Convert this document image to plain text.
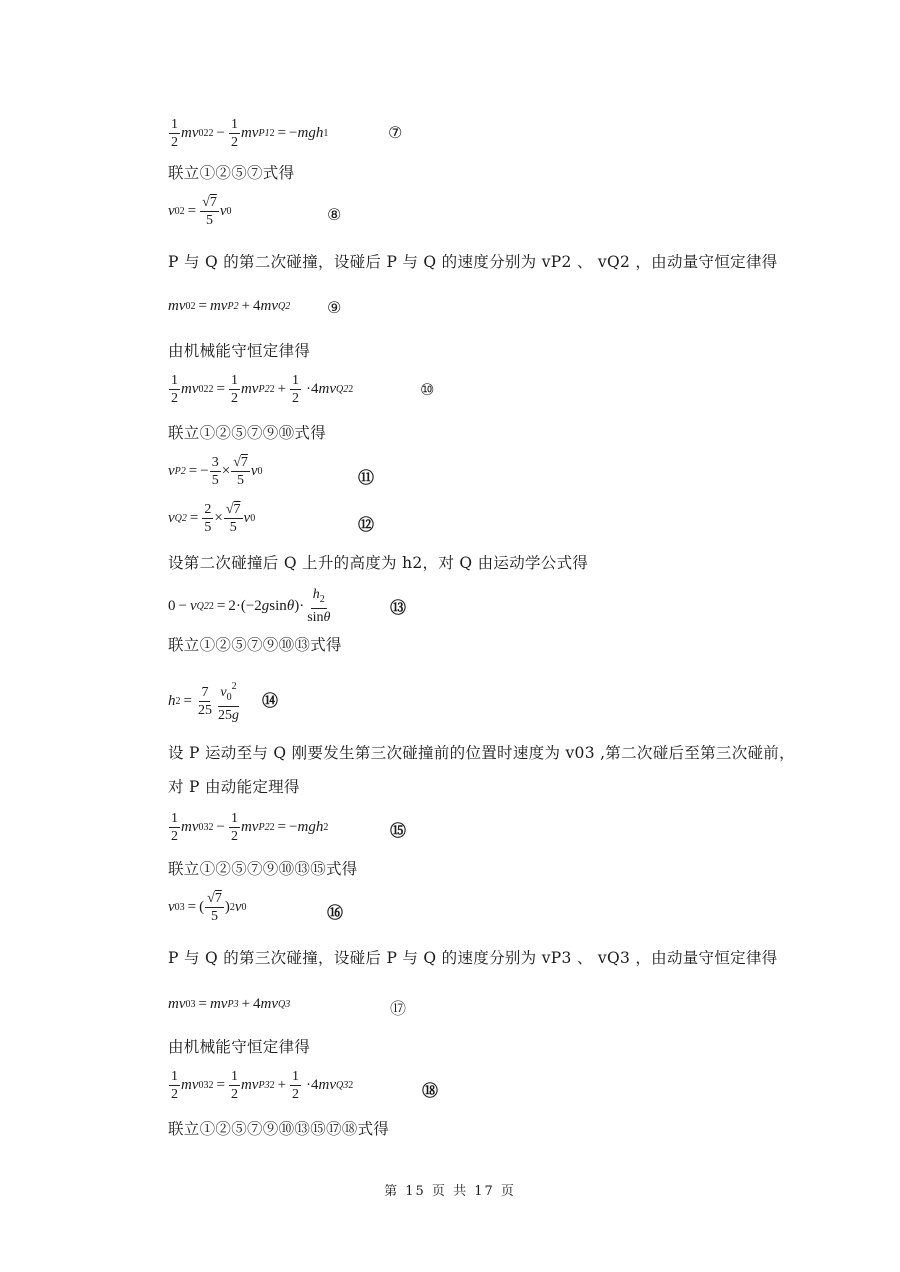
$\frac{1}{2}$ mv 02 $2 - \frac{1}{2}$ mv P1 2 = − mgh 1	⑦
联立①②⑤⑦式得
v $02 = \frac{√7}{5}$ v 0	⑧
P 与 Q 的第二次碰撞，设碰后 P 与 Q 的速度分别为 vP2 、 vQ2 ，由动量守恒定律得
mv 02 = mv P2 + 4 mv Q2 ⑨
由机械能守恒定律得
$\frac{1}{2}$ mv 02 $2 = \frac{1}{2}$ mv P2 $2 + \frac{1}{2} \cdot 4mv$ Q2 2	⑩
联立①②⑤⑦⑨⑩式得
v P2 = − $\frac{3}{5} \times \frac{√7}{5}$ v 0	⑪
v $Q2 = \frac{2}{5} \times \frac{√7}{5}$ v 0	⑫
设第二次碰撞后 Q 上升的高度为 h2，对 Q 由运动学公式得
0 − v Q2 2 = 2·(−2 g sin θ )· $\frac{h_2}{\sin\theta}$	⑬
联立①②⑤⑦⑨⑩⑬式得
h $2 = \frac{7}{25} \frac{v_0^2}{25g}$ ⑭
设 P 运动至与 Q 刚要发生第三次碰撞前的位置时速度为 v03 ,第二次碰后至第三次碰前，
对 P 由动能定理得
$\frac{1}{2}$ mv 03 $2 - \frac{1}{2}$ mv P2 2 = − mgh 2	⑮
联立①②⑤⑦⑨⑩⑬⑮式得
v 03 = ( $\frac{√7}{5}$ ) 2 v 0	⑯
P 与 Q 的第三次碰撞，设碰后 P 与 Q 的速度分别为 vP3 、 vQ3 ，由动量守恒定律得
mv 03 = mv P3 + 4 mv Q3	⑰
由机械能守恒定律得
$\frac{1}{2}$ mv 03 $2 = \frac{1}{2}$ mv P3 $2 + \frac{1}{2} \cdot 4mv$ Q3 2	⑱
联立①②⑤⑦⑨⑩⑬⑮⑰⑱式得
第 15 页 共 17 页
